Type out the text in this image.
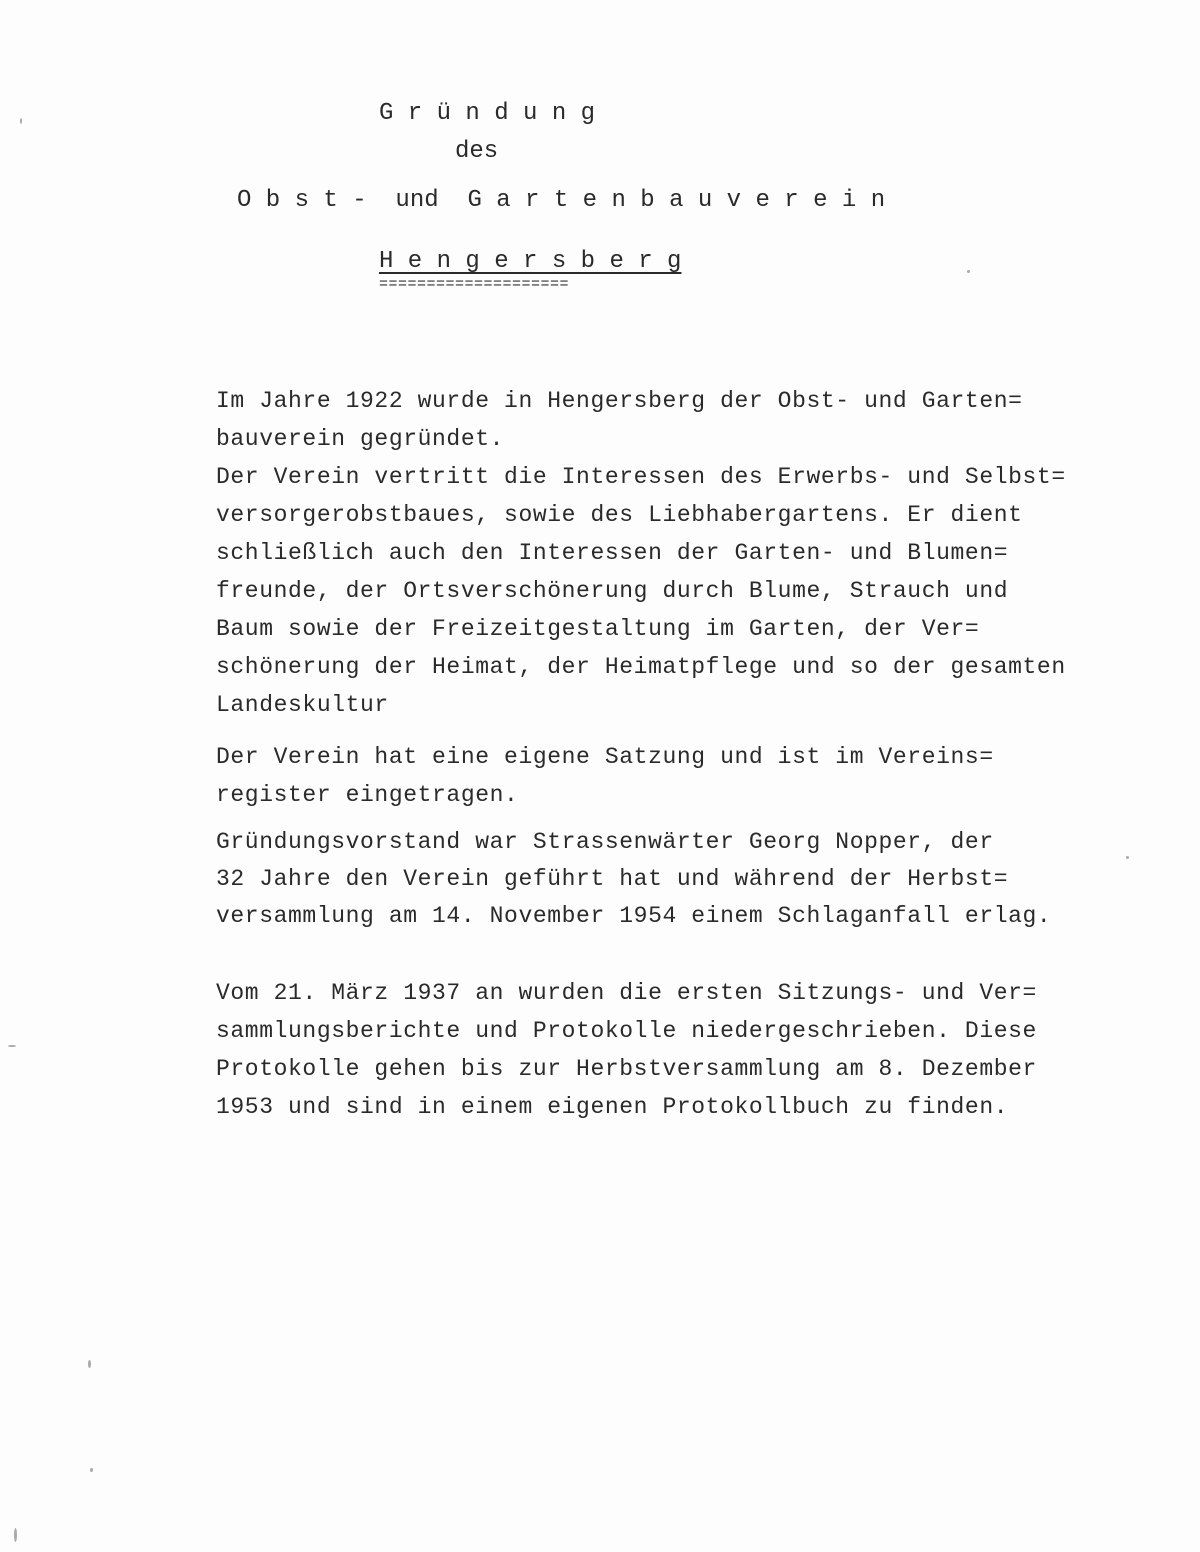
G r ü n d u n g
des
O b s t -  und  G a r t e n b a u v e r e i n
H e n g e r s b e r g
====================

Im Jahre 1922 wurde in Hengersberg der Obst- und Garten=
bauverein gegründet.
Der Verein vertritt die Interessen des Erwerbs- und Selbst=
versorgerobstbaues, sowie des Liebhabergartens. Er dient
schließlich auch den Interessen der Garten- und Blumen=
freunde, der Ortsverschönerung durch Blume, Strauch und
Baum sowie der Freizeitgestaltung im Garten, der Ver=
schönerung der Heimat, der Heimatpflege und so der gesamten
Landeskultur

Der Verein hat eine eigene Satzung und ist im Vereins=
register eingetragen.

Gründungsvorstand war Strassenwärter Georg Nopper, der
32 Jahre den Verein geführt hat und während der Herbst=
versammlung am 14. November 1954 einem Schlaganfall erlag.

Vom 21. März 1937 an wurden die ersten Sitzungs- und Ver=
sammlungsberichte und Protokolle niedergeschrieben. Diese
Protokolle gehen bis zur Herbstversammlung am 8. Dezember
1953 und sind in einem eigenen Protokollbuch zu finden.
